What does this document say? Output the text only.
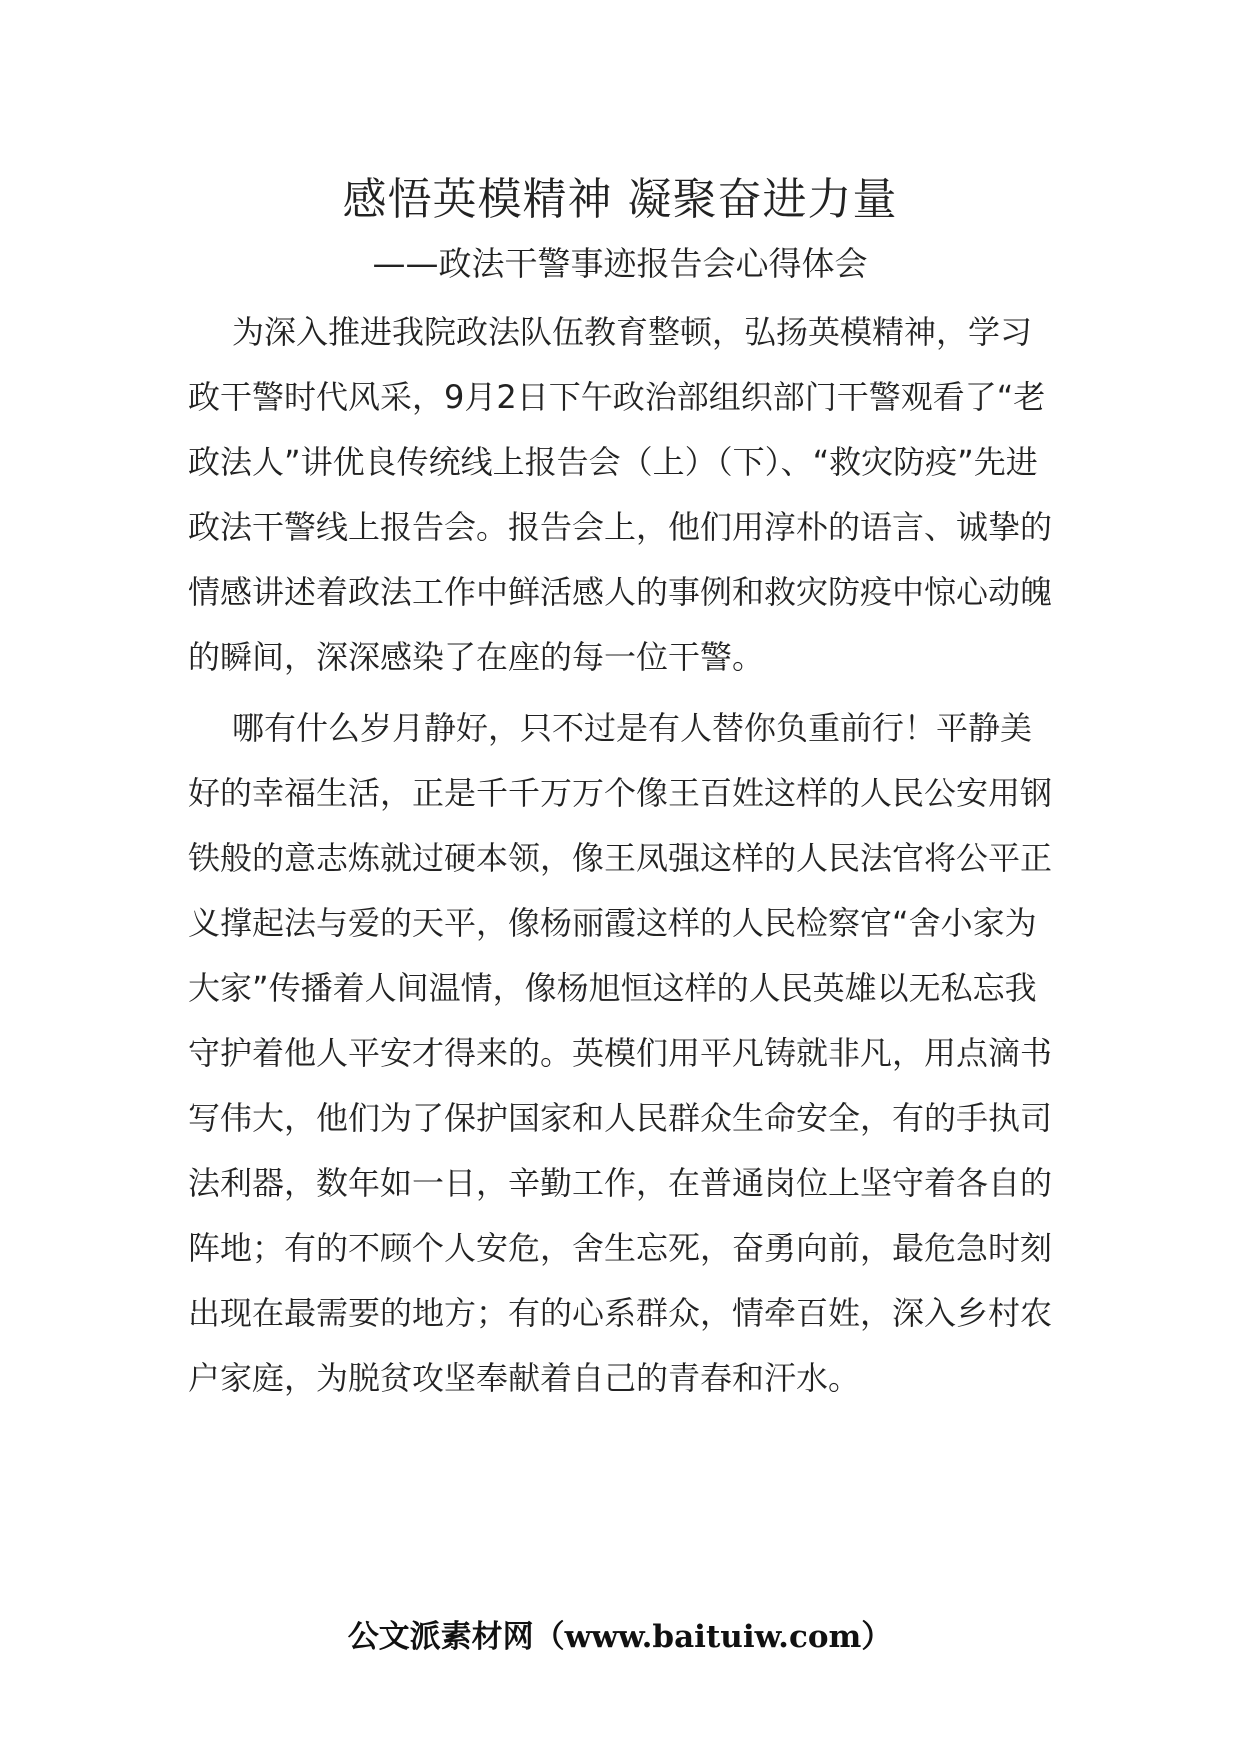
感悟英模精神 凝聚奋进力量
——政法干警事迹报告会心得体会

为深入推进我院政法队伍教育整顿，弘扬英模精神，学习政干警时代风采，9月2日下午政治部组织部门干警观看了“老政法人”讲优良传统线上报告会（上）（下）、“救灾防疫”先进政法干警线上报告会。报告会上，他们用淳朴的语言、诚挚的情感讲述着政法工作中鲜活感人的事例和救灾防疫中惊心动魄的瞬间，深深感染了在座的每一位干警。

哪有什么岁月静好，只不过是有人替你负重前行！平静美好的幸福生活，正是千千万万个像王百姓这样的人民公安用钢铁般的意志炼就过硬本领，像王凤强这样的人民法官将公平正义撑起法与爱的天平，像杨丽霞这样的人民检察官“舍小家为大家”传播着人间温情，像杨旭恒这样的人民英雄以无私忘我守护着他人平安才得来的。英模们用平凡铸就非凡，用点滴书写伟大，他们为了保护国家和人民群众生命安全，有的手执司法利器，数年如一日，辛勤工作，在普通岗位上坚守着各自的阵地；有的不顾个人安危，舍生忘死，奋勇向前，最危急时刻出现在最需要的地方；有的心系群众，情牵百姓，深入乡村农户家庭，为脱贫攻坚奉献着自己的青春和汗水。

公文派素材网（www.baituiw.com）
